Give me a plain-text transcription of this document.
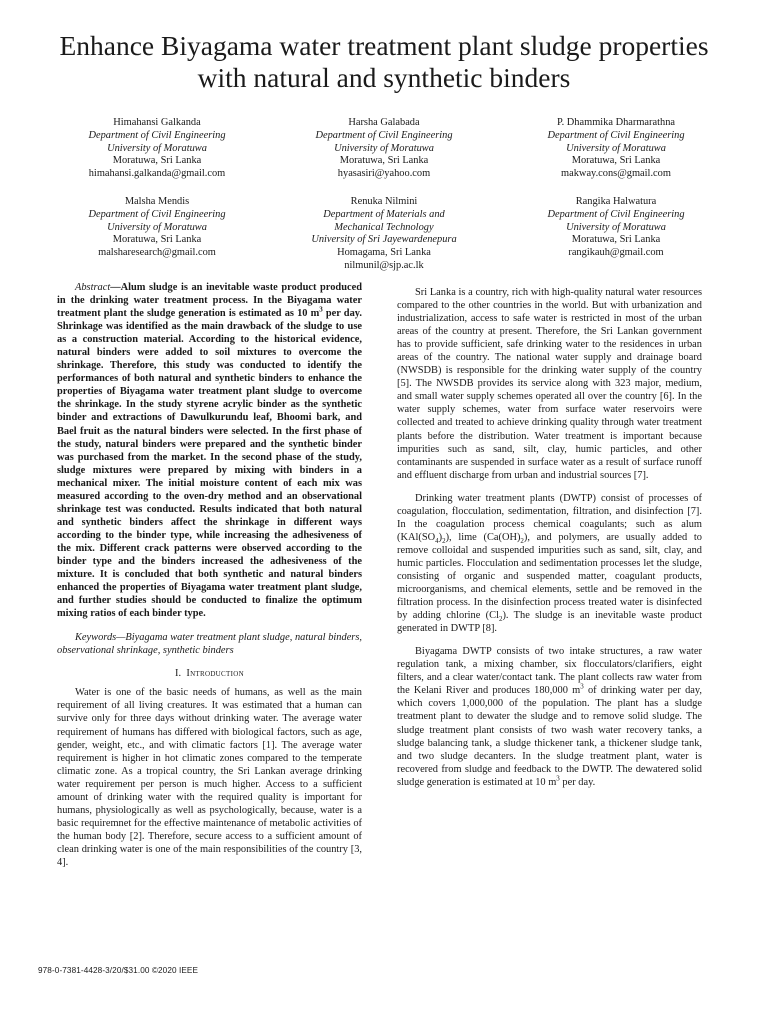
Enhance Biyagama water treatment plant sludge properties with natural and synthetic binders
Himahansi Galkanda
Department of Civil Engineering
University of Moratuwa
Moratuwa, Sri Lanka
himahansi.galkanda@gmail.com
Harsha Galabada
Department of Civil Engineering
University of Moratuwa
Moratuwa, Sri Lanka
hyasasiri@yahoo.com
P. Dhammika Dharmarathna
Department of Civil Engineering
University of Moratuwa
Moratuwa, Sri Lanka
makway.cons@gmail.com
Malsha Mendis
Department of Civil Engineering
University of Moratuwa
Moratuwa, Sri Lanka
malsharesearch@gmail.com
Renuka Nilmini
Department of Materials and
Mechanical Technology
University of Sri Jayewardenepura
Homagama, Sri Lanka
nilmunil@sjp.ac.lk
Rangika Halwatura
Department of Civil Engineering
University of Moratuwa
Moratuwa, Sri Lanka
rangikauh@gmail.com

Abstract—Alum sludge is an inevitable waste product produced in the drinking water treatment process. In the Biyagama water treatment plant the sludge generation is estimated as 10 $m^3$ per day. Shrinkage was identified as the main drawback of the sludge to use as a construction material. According to the historical evidence, natural binders were added to soil mixtures to overcome the shrinkage. Therefore, this study was conducted to identify the performances of both natural and synthetic binders to enhance the properties of Biyagama water treatment plant sludge to overcome the shrinkage. In the study styrene acrylic binder as the synthetic binder and extractions of Dawulkurundu leaf, Bhoomi bark, and Bael fruit as the natural binders were selected. In the first phase of the study, natural binders were prepared and the synthetic binder was purchased from the market. In the second phase of the study, sludge mixtures were prepared by mixing with binders in a mechanical mixer. The initial moisture content of each mix was measured according to the oven-dry method and an observational shrinkage test was conducted. Results indicated that both natural and synthetic binders affect the shrinkage in different ways according to the binder type, while increasing the adhesiveness of the mix. Different crack patterns were observed according to the binder type and the binders increased the adhesiveness of the mixture. It is concluded that both synthetic and natural binders enhanced the properties of Biyagama water treatment plant sludge, and further studies should be conducted to finalize the optimum mixing ratios of each binder type.

Keywords—Biyagama water treatment plant sludge, natural binders, observational shrinkage, synthetic binders

I. Introduction

Water is one of the basic needs of humans, as well as the main requirement of all living creatures. It was estimated that a human can survive only for three days without drinking water. The average water requirement of humans has differed with biological factors, such as age, gender, weight, etc., and with climatic factors [1]. The average water requirement is higher in hot climatic zones compared to the temperate climatic zone. As a tropical country, the Sri Lankan average drinking water requirement per person is much higher. Access to a sufficient amount of drinking water with the required quality is important for humans, physiologically as well as psychologically, because, water is a basic requiremnet for the effective maintenance of metabolic activities of the human body [2]. Therefore, secure access to a sufficient amount of clean drinking water is one of the main responsibilities of the country [3, 4].

Sri Lanka is a country, rich with high-quality natural water resources compared to the other countries in the world. But with urbanization and industrialization, access to safe water is restricted in most of the urban areas of the country at present. Therefore, the Sri Lankan government has to provide sufficient, safe drinking water to the residences in urban areas of the country. The national water supply and drainage board (NWSDB) is responsible for the drinking water supply of the country [5]. The NWSDB provides its service along with 323 major, medium, and small water supply schemes operated all over the country [6]. In the water supply schemes, water from surface water reservoirs were collected and treated to achieve drinking quality through water treatment plants before the distribution. Water treatment is important because impurities such as sand, silt, clay, humic particles, and other contaminants are suspended in surface water as a result of surface runoff and effluent discharge from urban and industrial sources [7].

Drinking water treatment plants (DWTP) consist of processes of coagulation, flocculation, sedimentation, filtration, and disinfection [7]. In the coagulation process chemical coagulants; such as alum $(KAl(SO_4)_2)$, lime $(Ca(OH)_2)$, and polymers, are usually added to remove colloidal and suspended impurities such as sand, silt, clay, and humic particles. Flocculation and sedimentation processes let the sludge, consisting of organic and suspended matter, coagulant products, microorganisms, and chemical elements, settle and be removed in the filtration process. In the disinfection process treated water is disinfected by adding chlorine $(Cl_2)$. The sludge is an inevitable waste product generated in DWTP [8].

Biyagama DWTP consists of two intake structures, a raw water regulation tank, a mixing chamber, six flocculators/clarifiers, eight filters, and a clear water/contact tank. The plant collects raw water from the Kelani River and produces 180,000 $m^3$ of drinking water per day, which covers 1,000,000 of the population. The plant has a sludge treatment plant to dewater the sludge and to remove solid sludge. The sludge treatment plant consists of two wash water recovery tanks, a sludge balancing tank, a sludge thickener tank, a thickener sludge tank, and two sludge decanters. In the sludge treatment plant, water is recovered from sludge and feedback to the DWTP. The dewatered solid sludge generation is estimated at 10 $m^3$ per day.

978-0-7381-4428-3/20/$31.00 ©2020 IEEE
